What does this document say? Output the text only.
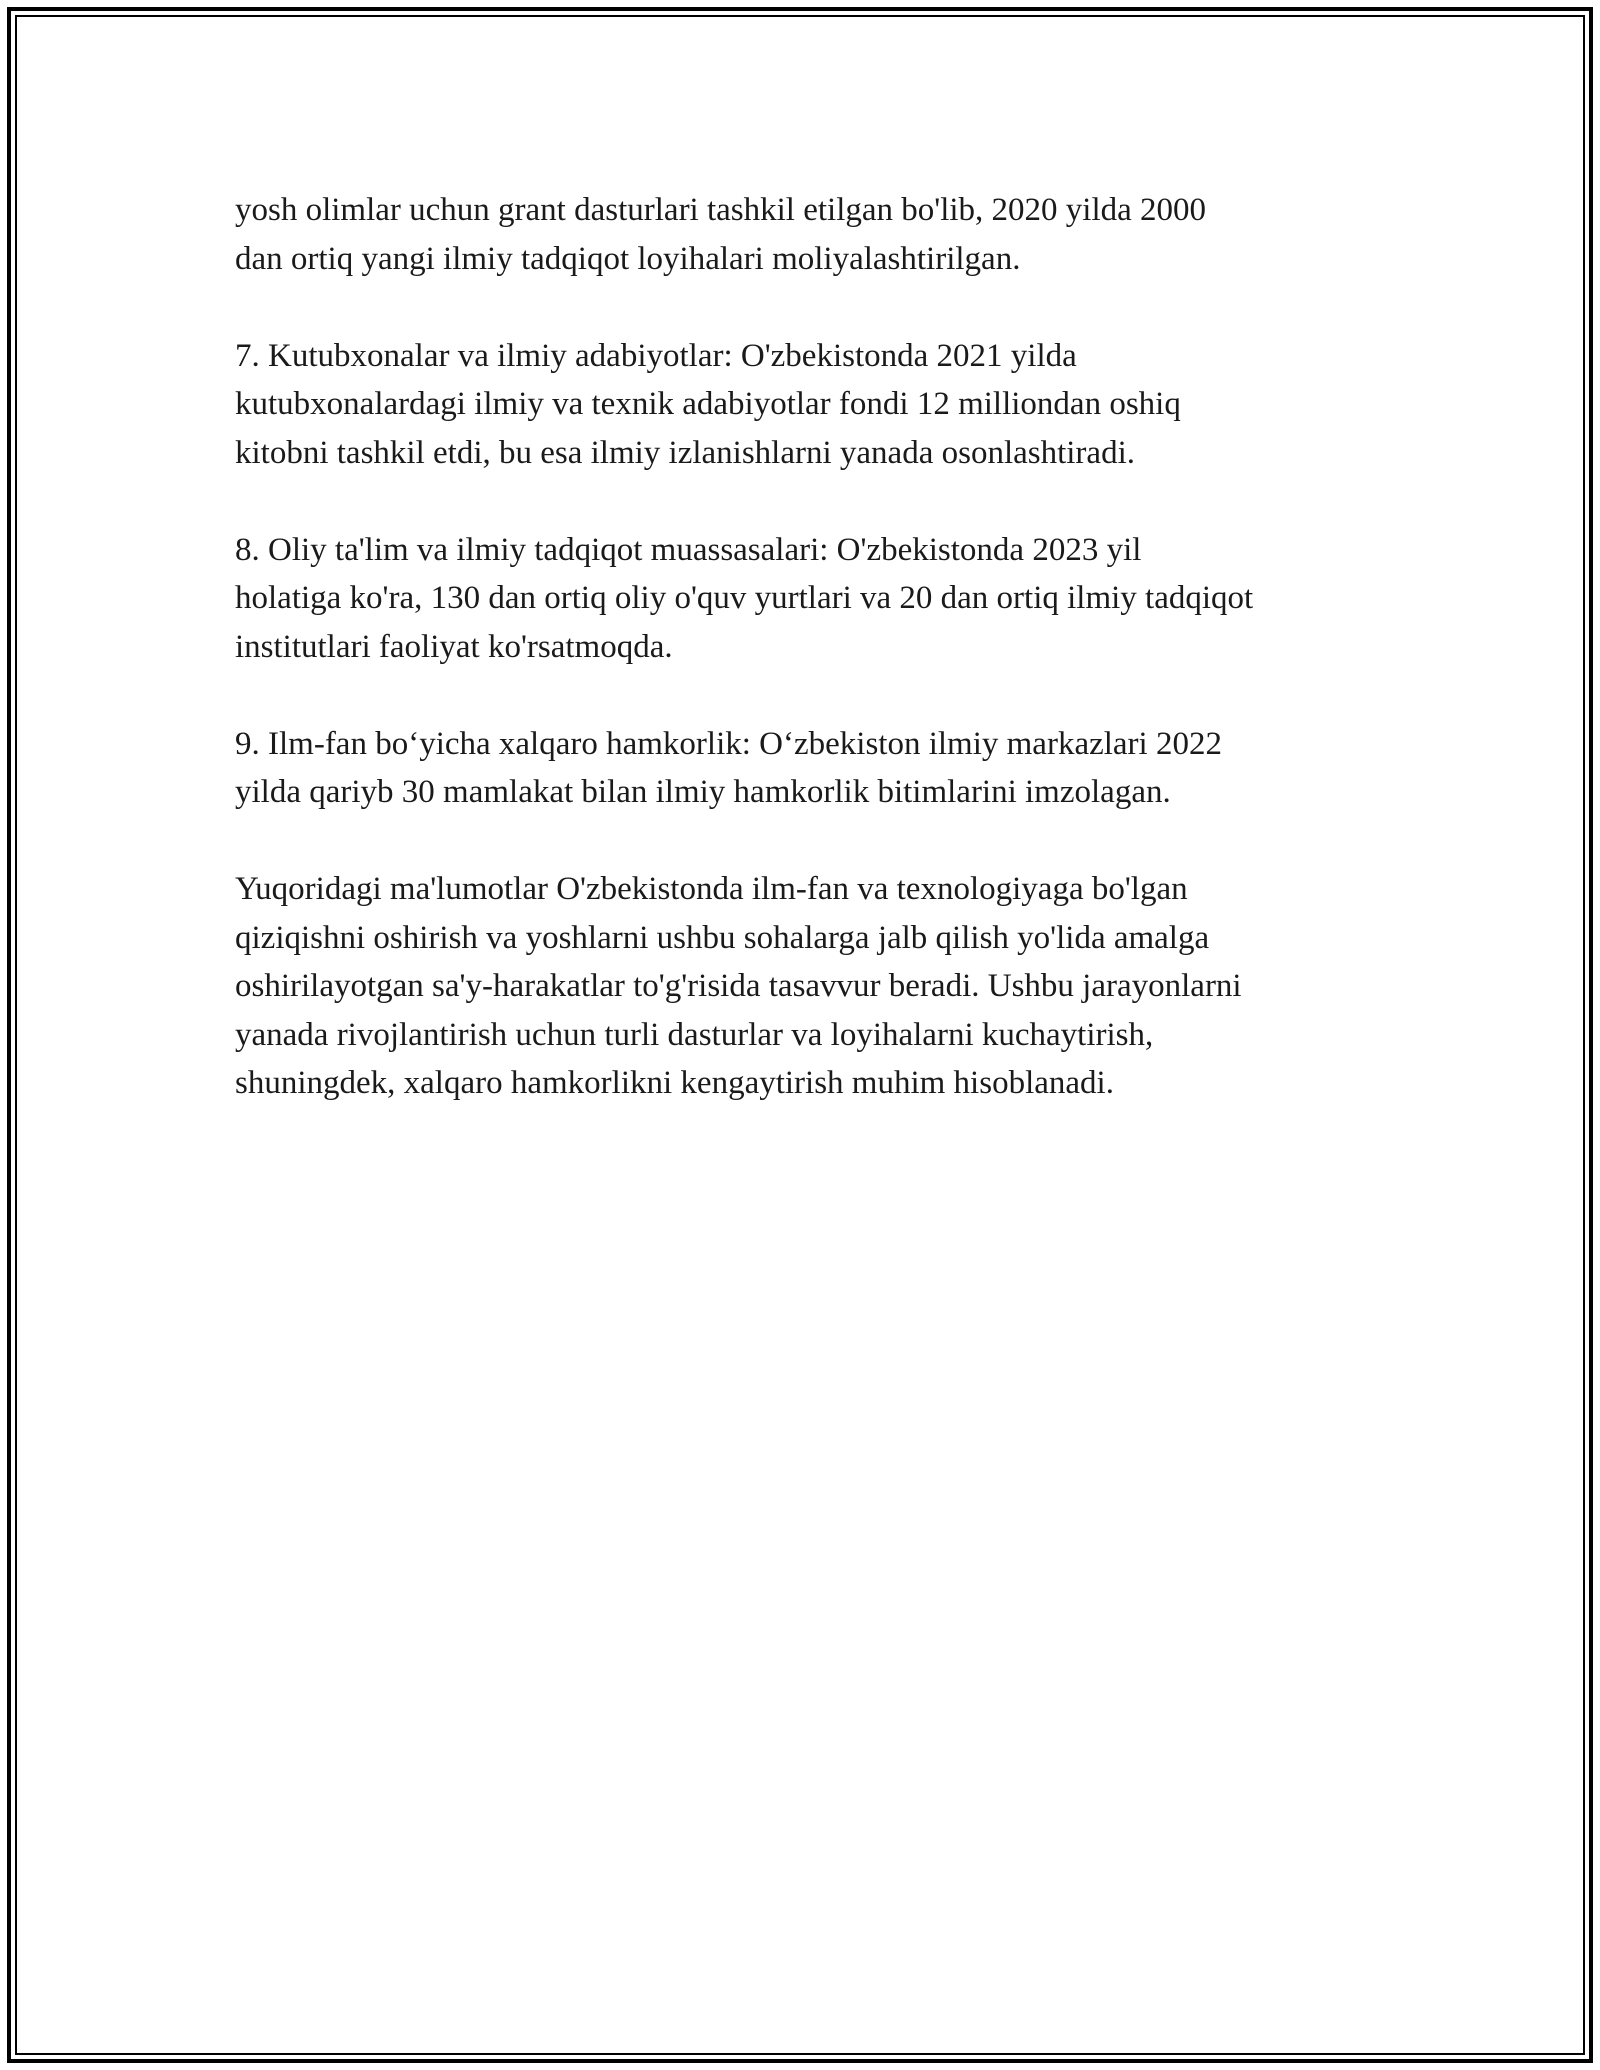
yosh olimlar uchun grant dasturlari tashkil etilgan bo'lib, 2020 yilda 2000
dan ortiq yangi ilmiy tadqiqot loyihalari moliyalashtirilgan.

7. Kutubxonalar va ilmiy adabiyotlar: O'zbekistonda 2021 yilda
kutubxonalardagi ilmiy va texnik adabiyotlar fondi 12 milliondan oshiq
kitobni tashkil etdi, bu esa ilmiy izlanishlarni yanada osonlashtiradi.

8. Oliy ta'lim va ilmiy tadqiqot muassasalari: O'zbekistonda 2023 yil
holatiga ko'ra, 130 dan ortiq oliy o'quv yurtlari va 20 dan ortiq ilmiy tadqiqot
institutlari faoliyat ko'rsatmoqda.

9. Ilm-fan bo‘yicha xalqaro hamkorlik: O‘zbekiston ilmiy markazlari 2022
yilda qariyb 30 mamlakat bilan ilmiy hamkorlik bitimlarini imzolagan.

Yuqoridagi ma'lumotlar O'zbekistonda ilm-fan va texnologiyaga bo'lgan
qiziqishni oshirish va yoshlarni ushbu sohalarga jalb qilish yo'lida amalga
oshirilayotgan sa'y-harakatlar to'g'risida tasavvur beradi. Ushbu jarayonlarni
yanada rivojlantirish uchun turli dasturlar va loyihalarni kuchaytirish,
shuningdek, xalqaro hamkorlikni kengaytirish muhim hisoblanadi.
